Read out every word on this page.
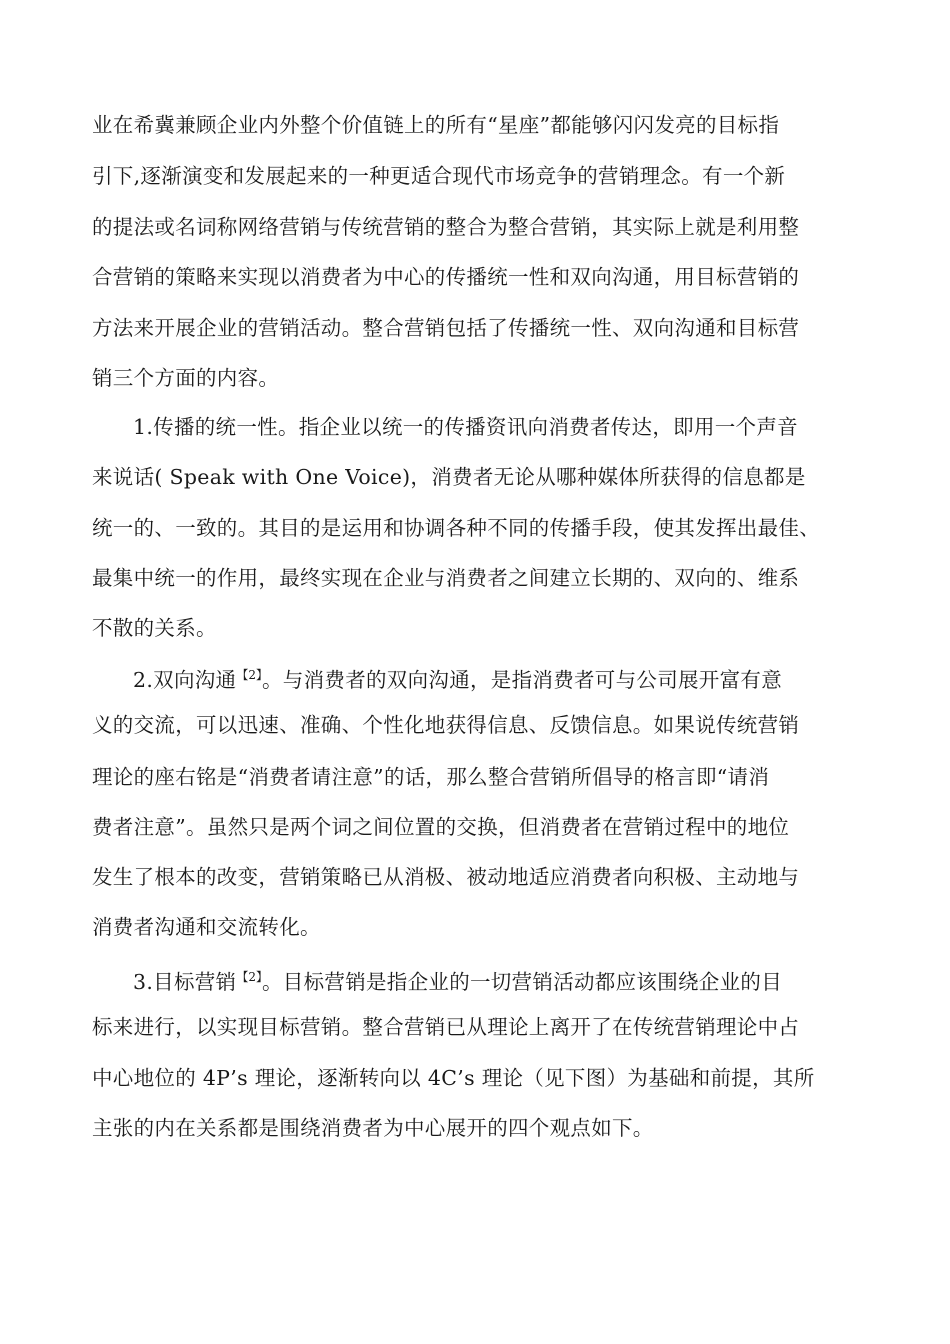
业在希冀兼顾企业内外整个价值链上的所有“星座”都能够闪闪发亮的目标指
引下,逐渐演变和发展起来的一种更适合现代市场竞争的营销理念。有一个新
的提法或名词称网络营销与传统营销的整合为整合营销，其实际上就是利用整
合营销的策略来实现以消费者为中心的传播统一性和双向沟通，用目标营销的
方法来开展企业的营销活动。整合营销包括了传播统一性、双向沟通和目标营
销三个方面的内容。
1.传播的统一性。指企业以统一的传播资讯向消费者传达，即用一个声音
来说话( Speak with One Voice)，消费者无论从哪种媒体所获得的信息都是
统一的、一致的。其目的是运用和协调各种不同的传播手段，使其发挥出最佳、
最集中统一的作用，最终实现在企业与消费者之间建立长期的、双向的、维系
不散的关系。
2.双向沟通$^{【2】}$。与消费者的双向沟通，是指消费者可与公司展开富有意
义的交流，可以迅速、准确、个性化地获得信息、反馈信息。如果说传统营销
理论的座右铭是“消费者请注意”的话，那么整合营销所倡导的格言即“请消
费者注意”。虽然只是两个词之间位置的交换，但消费者在营销过程中的地位
发生了根本的改变，营销策略已从消极、被动地适应消费者向积极、主动地与
消费者沟通和交流转化。
3.目标营销$^{【2】}$。目标营销是指企业的一切营销活动都应该围绕企业的目
标来进行，以实现目标营销。整合营销已从理论上离开了在传统营销理论中占
中心地位的 4P’s 理论，逐渐转向以 4C’s 理论（见下图）为基础和前提，其所
主张的内在关系都是围绕消费者为中心展开的四个观点如下。
